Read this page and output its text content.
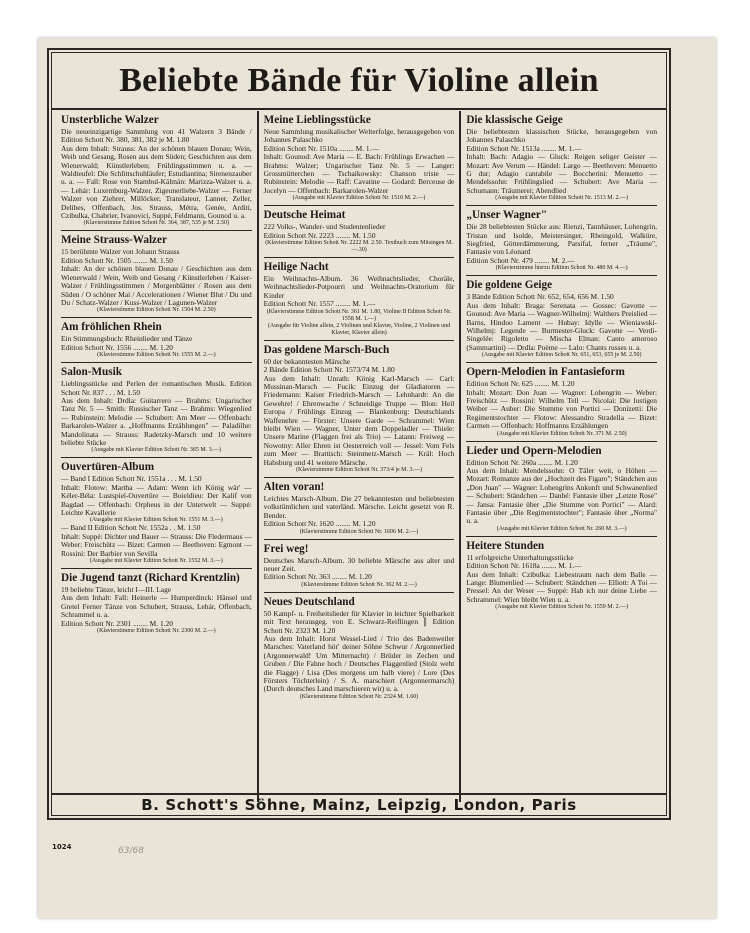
Beliebte Bände für Violine allein
Unsterbliche Walzer
Die neueinzigartige Sammlung von 41 Walzern 3 Bände / Edition Schott Nr. 380, 381, 382 je M. 1.80
Aus dem Inhalt: Strauss: An der schönen blauen Donau; Wein, Weib und Gesang, Rosen aus dem Süden; Geschichten aus dem Wienerwald; Künstlerleben; Frühlingsstimmen u. a. — Waldteufel: Die Schlittschuhläufer; Estudiantina; Sirenenzauber u. a. — Fall: Rose von Stambul-Kálmán: Marizza-Walzer u. a. — Lehár: Luxemburg-Walzer, Zigeunerliebe-Walzer — Ferner Walzer von Ziehrer, Millöcker, Translateur, Lanner, Zeller, Delibes, Offenbach, Jos. Strauss, Métra, Genée, Arditi, Czibulka, Chabrier, Ivanovici, Suppé, Feldmann, Gounod u. a.
(Klavierstimme Edition Schott Nr. 364, 387, 535 je M. 2.50)
Meine Strauss-Walzer
15 berühmte Walzer von Johann Strauss
Edition Schott Nr. 1505 ........ M. 1.50
Inhalt: An der schönen blauen Donau / Geschichten aus dem Wienerwald / Wein, Weib und Gesang / Künstlerleben / Kaiser-Walzer / Frühlingsstimmen / Morgenblätter / Rosen aus dem Süden / O schöner Mai / Accelerationen / Wiener Blut / Du und Du / Schatz-Walzer / Kuss-Walzer / Lagunen-Walzer
(Klavierstimme Edition Schott Nr. 1504 M. 2.50)
Am fröhlichen Rhein
Ein Stimmungsbuch: Rheinlieder und Tänze
Edition Schott Nr. 1556 ........ M. 1.20
(Klavierstimme Edition Schott Nr. 1555 M. 2.—)
Salon-Musik
Lieblingsstücke und Perlen der romantischen Musik. Edition Schott Nr. 837 . . . M. 1.50
Aus dem Inhalt: Drdla: Guitarrero — Brahms: Ungarischer Tanz Nr. 5 — Smith: Russischer Tanz — Brahms: Wiegenlied — Rubinstein: Melodie — Schubert: Am Meer — Offenbach: Barkarolen-Walzer a. „Hoffmanns Erzählungen" — Paladilhe: Mandolinata — Strauss: Radetzky-Marsch und 10 weitere beliebte Stücke
(Ausgabe mit Klavier Edition Schott Nr. 365 M. 3.—)
Ouvertüren-Album
— Band I Edition Schott Nr. 1551a . . . M. 1.50
Inhalt: Flotow: Martha — Adam: Wenn ich König wär' — Kéler-Béla: Lustspiel-Ouvertüre — Boieldieu: Der Kalif von Bagdad — Offenbach: Orpheus in der Unterwelt — Suppé: Leichte Kavallerie
(Ausgabe mit Klavier Edition Schott Nr. 1551 M. 3.—)
— Band II Edition Schott Nr. 1552a . . M. 1.50
Inhalt: Suppé: Dichter und Bauer — Strauss: Die Fledermaus — Weber: Freischütz — Bizet: Carmen — Beethoven: Egmont — Rossini: Der Barbier von Sevilla
(Ausgabe mit Klavier Edition Schott Nr. 1552 M. 3.—)
Die Jugend tanzt (Richard Krentzlin)
19 beliebte Tänze, leicht I—III. Lage
Aus dem Inhalt: Fall: Heinerle — Humperdinck: Hänsel und Gretel Ferner Tänze von Schubert, Strauss, Lehár, Offenbach, Schrammel u. a.
Edition Schott Nr. 2301 ........ M. 1.20
(Klavierstimme Edition Schott Nr. 2300 M. 2.—)
Meine Lieblingsstücke
Neue Sammlung musikalischer Welterfolge, herausgegeben von Johannes Palaschko
Edition Schott Nr. 1510a ........ M. 1.—
Inhalt: Gounod: Ave Maria — E. Bach: Frühlings Erwachen — Brahms: Walzer; Ungarischer Tanz Nr. 5 — Langer: Grossmütterchen — Tschaikowsky: Chanson triste — Rubinstein: Melodie — Raff: Cavatine — Godard: Berceuse de Jocelyn — Offenbach: Barkarolen-Walzer
(Ausgabe mit Klavier Edition Schott Nr. 1510 M. 2.—)
Deutsche Heimat
222 Volks-, Wander- und Studentenlieder
Edition Schott Nr. 2223 ........ M. 1.50
(Klavierstimme Edition Schott Nr. 2222 M. 2.50. Textbuch zum Mitsingen M. —.30)
Heilige Nacht
Ein Weihnachts-Album. 36 Weihnachtslieder, Choräle, Weihnachtslieder-Potpourri und Weihnachts-Oratorium für Kinder
Edition Schott Nr. 1557 ........ M. 1.—
(Klavierstimme Edition Schott Nr. 361 M. 1.80, Violine II Edition Schott Nr. 1558 M. 1.—)
(Ausgabe für Violine allein, 2 Violinen und Klavier, Violine, 2 Violinen und Klavier, Klavier allein)
Das goldene Marsch-Buch
60 der bekanntesten Märsche
2 Bände Edition Schott Nr. 1573/74 M. 1.80
Aus dem Inhalt: Unrath: König Karl-Marsch — Carl: Mussinan-Marsch — Fucik: Einzug der Gladiatoren — Friedemann: Kaiser Friedrich-Marsch — Lehnhardt: An die Gewehre! / Ehrenwache / Schneidige Truppe — Blon: Heil Europa / Frühlings Einzug — Blankenburg: Deutschlands Waffenehre — Förster: Unsere Garde — Schrammel: Wien bleibt Wien — Wagner, Unter dem Doppeladler — Thiele: Unsere Marine (Flaggen frei als Trio) — Latann: Freiweg — Nowotny: Aller Ehren ist Oesterreich voll — Jessel: Vom Fels zum Meer — Brattisch: Steinmetz-Marsch — Král: Hoch Habsburg und 41 weitere Märsche.
(Klavierstimme Edition Schott Nr. 373/4 je M. 3.—)
Alten voran!
Leichtes Marsch-Album. Die 27 bekanntesten und beliebtesten volkstümlichen und vaterländ. Märsche. Leicht gesetzt von R. Bender.
Edition Schott Nr. 1620 ........ M. 1.20
(Klavierstimme Edition Schott Nr. 1606 M. 2.—)
Frei weg!
Deutsches Marsch-Album. 30 beliebte Märsche aus alter und neuer Zeit.
Edition Schott Nr. 363 ........ M. 1.20
(Klavierstimme Edition Schott Nr. 362 M. 2.—)
Neues Deutschland
50 Kampf- u. Freiheitslieder für Klavier in leichter Spielbarkeit mit Text herausgeg. von E. Schwarz-Reiflingen ║ Edition Schott Nr. 2323 M. 1.20
Aus dem Inhalt: Horst Wessel-Lied / Trio des Badenweiler Marsches: Vaterland hör' deiner Söhne Schwur / Argonnerlied (Argonnerwald! Um Mitternacht) / Brüder in Zechen und Gruben / Die Fahne hoch / Deutsches Flaggenlied (Stolz weht die Flagge) / Lisa (Des morgens um halb viere) / Lore (Des Försters Töchterlein) / S. A. marschiert (Argonnermarsch) (Durch deutsches Land marschieren wir) u. a.
(Klavierstimme Edition Schott Nr. 2324 M. 1.60)
Die klassische Geige
Die beliebtesten klassischen Stücke, herausgegeben von Johannes Palaschko
Edition Schott Nr. 1513a ........ M. 1.—
Inhalt: Bach: Adagio — Gluck: Reigen seliger Geister — Mozart: Ave Verum — Händel: Largo — Beethoven: Menuetto G dur; Adagio cantabile — Boccherini: Menuetto — Mendelssohn: Frühlingslied — Schubert: Ave Maria — Schumann: Träumerei; Abendlied
(Ausgabe mit Klavier Edition Schott Nr. 1513 M. 2.—)
„Unser Wagner"
Die 28 beliebtesten Stücke aus: Rienzi, Tannhäuser, Lohengrin, Tristan und Isolde, Meistersinger, Rheingold, Walküre, Siegfried, Götterdämmerung, Parsifal, ferner „Träume", Fantasie von Léonard
Edition Schott Nr. 479 ........ M. 2.—
(Klavierstimme hierzu Edition Schott Nr. 480 M. 4.—)
Die goldene Geige
3 Bände Edition Schott Nr. 652, 654, 656 M. 1.50
Aus dem Inhalt: Braga: Serenata — Gossec: Gavotte — Gounod: Ave Maria — Wagner-Wilhelmj: Walthers Preislied — Barns, Hindoo Lament — Hubay: Idylle — Wieniawski-Wilhelmj: Legende — Burmester-Gluck: Gavotte — Verdi-Singelée: Rigoletto — Mischa Elman: Canto amoroso (Sammartini) — Drdla: Poème — Lalo: Chants russes u. a.
(Ausgabe mit Klavier Edition Schott Nr. 651, 653, 655 je M. 2.50)
Opern-Melodien in Fantasieform
Edition Schott Nr. 625 ........ M. 1.20
Inhalt: Mozart: Don Juan — Wagner: Lohengrin — Weber: Freischütz — Rossini: Wilhelm Tell — Nicolai: Die lustigen Weiber — Auber: Die Stumme von Portici — Donizetti: Die Regimentstochter — Flotow: Alessandro Stradella — Bizet: Carmen — Offenbach: Hoffmanns Erzählungen
(Ausgabe mit Klavier Edition Schott Nr. 371 M. 2.50)
Lieder und Opern-Melodien
Edition Schott Nr. 260a ........ M. 1.20
Aus dem Inhalt: Mendelssohn: O Täler weit, o Höhen — Mozart: Romanze aus der „Hochzeit des Figaro"; Ständchen aus „Don Juan" — Wagner: Lohengrins Ankunft und Schwanenlied — Schubert: Ständchen — Danbé: Fantasie über „Letzte Rose" — Jansa: Fantasie über „Die Stumme von Portici" — Alard: Fantasie über „Die Regimentstochter"; Fantasie über „Norma" u. a.
(Ausgabe mit Klavier Edition Schott Nr. 260 M. 3.—)
Heitere Stunden
11 erfolgreiche Unterhaltungsstücke
Edition Schott Nr. 1618a ........ M. 1.—
Aus dem Inhalt: Czibulka: Liebestraum nach dem Balle — Lange: Blumenlied — Schubert: Ständchen — Elliott: A Toi — Pressel: An der Weser — Suppé: Hab ich nur deine Liebe — Schrammel: Wien bleibt Wien u. a.
(Ausgabe mit Klavier Edition Schott Nr. 1559 M. 2.—)
B. Schott's Söhne, Mainz, Leipzig, London, Paris
1024	63/68
